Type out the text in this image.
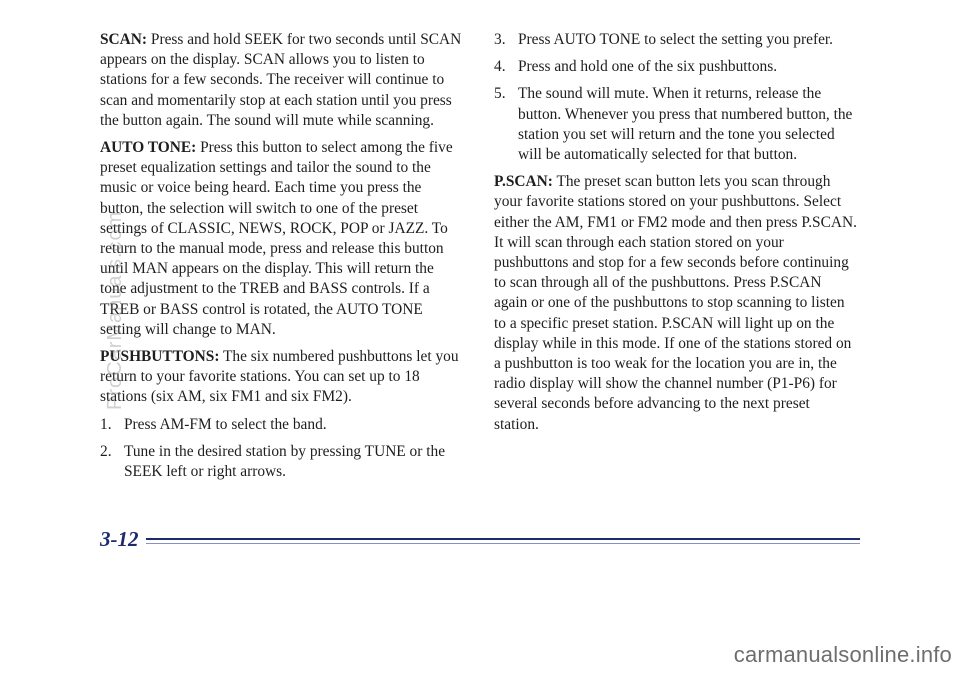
SCAN: Press and hold SEEK for two seconds until SCAN appears on the display. SCAN allows you to listen to stations for a few seconds. The receiver will continue to scan and momentarily stop at each station until you press the button again. The sound will mute while scanning.

AUTO TONE: Press this button to select among the five preset equalization settings and tailor the sound to the music or voice being heard. Each time you press the button, the selection will switch to one of the preset settings of CLASSIC, NEWS, ROCK, POP or JAZZ. To return to the manual mode, press and release this button until MAN appears on the display. This will return the tone adjustment to the TREB and BASS controls. If a TREB or BASS control is rotated, the AUTO TONE setting will change to MAN.

PUSHBUTTONS: The six numbered pushbuttons let you return to your favorite stations. You can set up to 18 stations (six AM, six FM1 and six FM2).

1. Press AM-FM to select the band.
2. Tune in the desired station by pressing TUNE or the SEEK left or right arrows.
3. Press AUTO TONE to select the setting you prefer.
4. Press and hold one of the six pushbuttons.
5. The sound will mute. When it returns, release the button. Whenever you press that numbered button, the station you set will return and the tone you selected will be automatically selected for that button.

P.SCAN: The preset scan button lets you scan through your favorite stations stored on your pushbuttons. Select either the AM, FM1 or FM2 mode and then press P.SCAN. It will scan through each station stored on your pushbuttons and stop for a few seconds before continuing to scan through all of the pushbuttons. Press P.SCAN again or one of the pushbuttons to stop scanning to listen to a specific preset station. P.SCAN will light up on the display while in this mode. If one of the stations stored on a pushbutton is too weak for the location you are in, the radio display will show the channel number (P1-P6) for several seconds before advancing to the next preset station.

3-12
ProCarManuals.com
carmanualsonline.info
